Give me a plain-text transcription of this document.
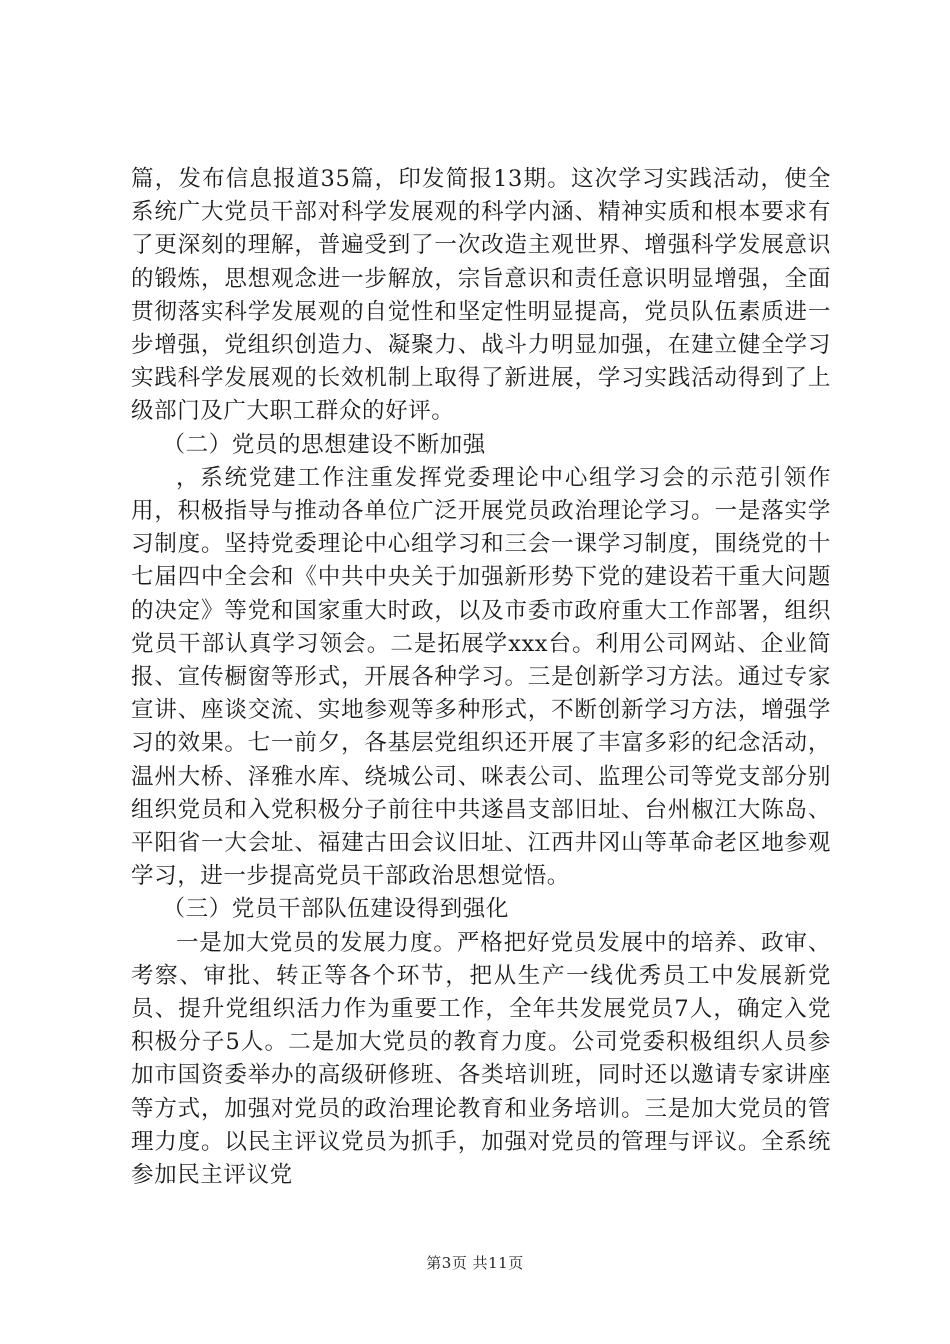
篇，发布信息报道35篇，印发简报13期。这次学习实践活动，使全系统广大党员干部对科学发展观的科学内涵、精神实质和根本要求有了更深刻的理解，普遍受到了一次改造主观世界、增强科学发展意识的锻炼，思想观念进一步解放，宗旨意识和责任意识明显增强，全面贯彻落实科学发展观的自觉性和坚定性明显提高，党员队伍素质进一步增强，党组织创造力、凝聚力、战斗力明显加强，在建立健全学习实践科学发展观的长效机制上取得了新进展，学习实践活动得到了上级部门及广大职工群众的好评。

（二）党员的思想建设不断加强

，系统党建工作注重发挥党委理论中心组学习会的示范引领作用，积极指导与推动各单位广泛开展党员政治理论学习。一是落实学习制度。坚持党委理论中心组学习和三会一课学习制度，围绕党的十七届四中全会和《中共中央关于加强新形势下党的建设若干重大问题的决定》等党和国家重大时政，以及市委市政府重大工作部署，组织党员干部认真学习领会。二是拓展学xxx台。利用公司网站、企业简报、宣传橱窗等形式，开展各种学习。三是创新学习方法。通过专家宣讲、座谈交流、实地参观等多种形式，不断创新学习方法，增强学习的效果。七一前夕，各基层党组织还开展了丰富多彩的纪念活动，温州大桥、泽雅水库、绕城公司、咪表公司、监理公司等党支部分别组织党员和入党积极分子前往中共遂昌支部旧址、台州椒江大陈岛、平阳省一大会址、福建古田会议旧址、江西井冈山等革命老区地参观学习，进一步提高党员干部政治思想觉悟。

（三）党员干部队伍建设得到强化

一是加大党员的发展力度。严格把好党员发展中的培养、政审、考察、审批、转正等各个环节，把从生产一线优秀员工中发展新党员、提升党组织活力作为重要工作，全年共发展党员7人，确定入党积极分子5人。二是加大党员的教育力度。公司党委积极组织人员参加市国资委举办的高级研修班、各类培训班，同时还以邀请专家讲座等方式，加强对党员的政治理论教育和业务培训。三是加大党员的管理力度。以民主评议党员为抓手，加强对党员的管理与评议。全系统参加民主评议党

第3页 共11页
